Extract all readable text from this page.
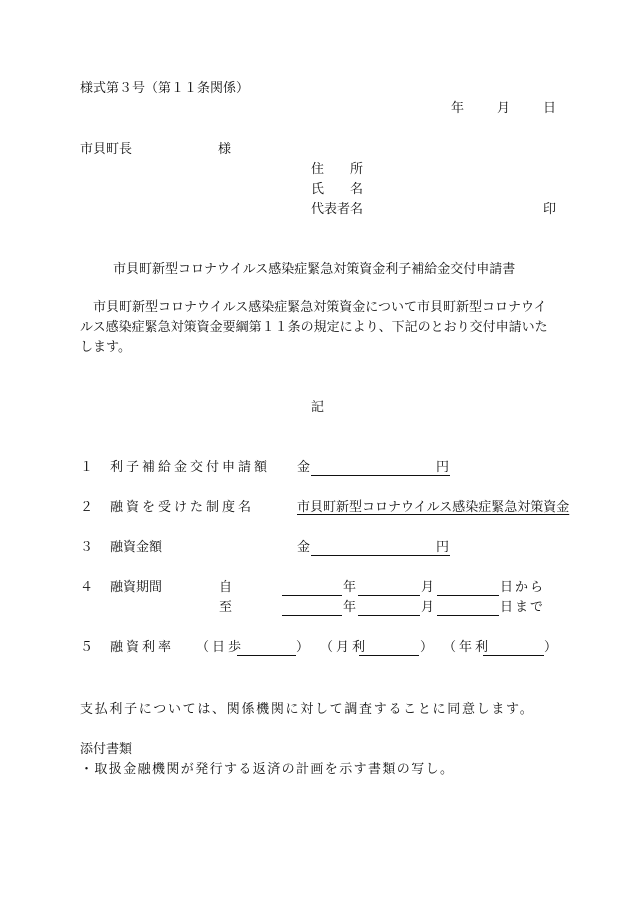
様式第３号（第１１条関係）
年	月	日
市貝町長	様
住　　所
氏　　名
代表者名	印
市貝町新型コロナウイルス感染症緊急対策資金利子補給金交付申請書
市貝町新型コロナウイルス感染症緊急対策資金について市貝町新型コロナウイ
ルス感染症緊急対策資金要綱第１１条の規定により、下記のとおり交付申請いた
します。
記
１ 利子補給金交付申請額 金	円
２ 融資を受けた制度名	市貝町新型コロナウイルス感染症緊急対策資金
３ 融資金額	金	円
４ 融資期間	自	年	月	日から
至	年	月	日まで
５ 融資利率 （日歩	） （月利	） （年利	）
支払利子については、関係機関に対して調査することに同意します。
添付書類
・取扱金融機関が発行する返済の計画を示す書類の写し。
